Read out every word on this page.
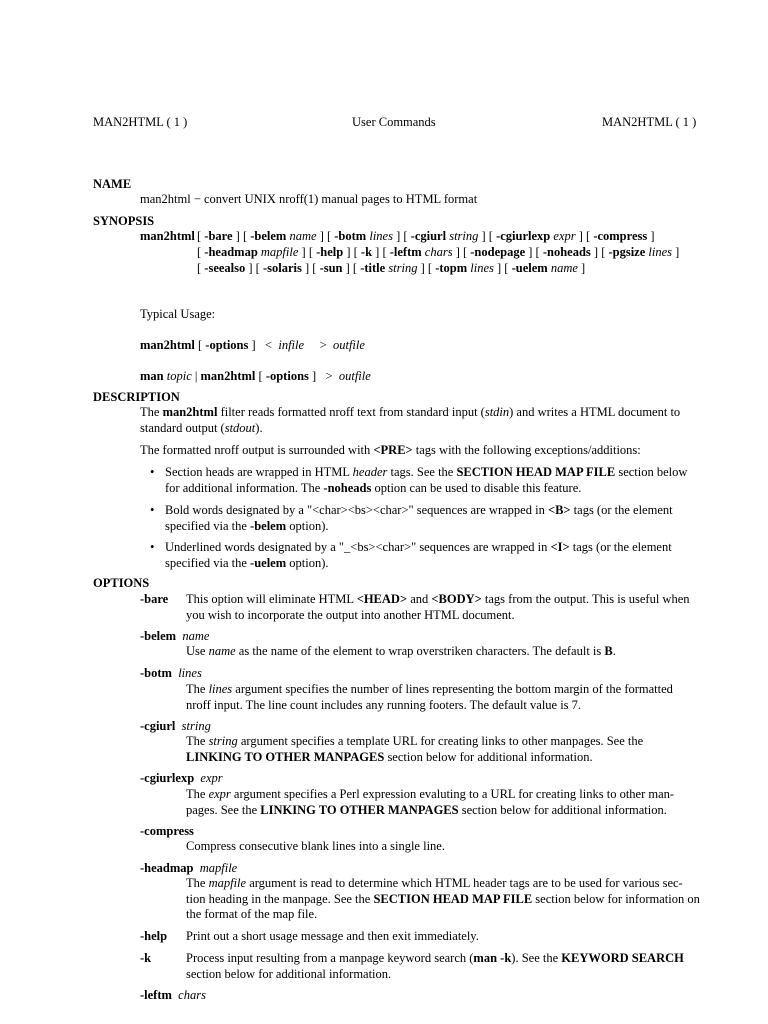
MAN2HTML ( 1 )	User Commands	MAN2HTML ( 1 )
NAME
man2html − convert UNIX nroff(1) manual pages to HTML format
SYNOPSIS
man2html [ -bare ] [ -belem name ] [ -botm lines ] [ -cgiurl string ] [ -cgiurlexp expr ] [ -compress ]
[ -headmap mapfile ] [ -help ] [ -k ] [ -leftm chars ] [ -nodepage ] [ -noheads ] [ -pgsize lines ]
[ -seealso ] [ -solaris ] [ -sun ] [ -title string ] [ -topm lines ] [ -uelem name ]
Typical Usage:
man2html [ -options ]   <  infile     >  outfile
man topic | man2html [ -options ]   >  outfile
DESCRIPTION
The man2html filter reads formatted nroff text from standard input (stdin) and writes a HTML document to standard output (stdout).
The formatted nroff output is surrounded with <PRE> tags with the following exceptions/additions:
• Section heads are wrapped in HTML header tags. See the SECTION HEAD MAP FILE section below for additional information. The -noheads option can be used to disable this feature.
• Bold words designated by a "<char><bs><char>" sequences are wrapped in <B> tags (or the element specified via the -belem option).
• Underlined words designated by a "_<bs><char>" sequences are wrapped in <I> tags (or the element specified via the -uelem option).
OPTIONS
-bare This option will eliminate HTML <HEAD> and <BODY> tags from the output. This is useful when you wish to incorporate the output into another HTML document.
-belem name
Use name as the name of the element to wrap overstriken characters. The default is B.
-botm lines
The lines argument specifies the number of lines representing the bottom margin of the formatted nroff input. The line count includes any running footers. The default value is 7.
-cgiurl string
The string argument specifies a template URL for creating links to other manpages. See the LINKING TO OTHER MANPAGES section below for additional information.
-cgiurlexp expr
The expr argument specifies a Perl expression evaluting to a URL for creating links to other man-pages. See the LINKING TO OTHER MANPAGES section below for additional information.
-compress
Compress consecutive blank lines into a single line.
-headmap mapfile
The mapfile argument is read to determine which HTML header tags are to be used for various sec-tion heading in the manpage. See the SECTION HEAD MAP FILE section below for information on the format of the map file.
-help Print out a short usage message and then exit immediately.
-k	Process input resulting from a manpage keyword search (man -k). See the KEYWORD SEARCH section below for additional information.
-leftm chars
